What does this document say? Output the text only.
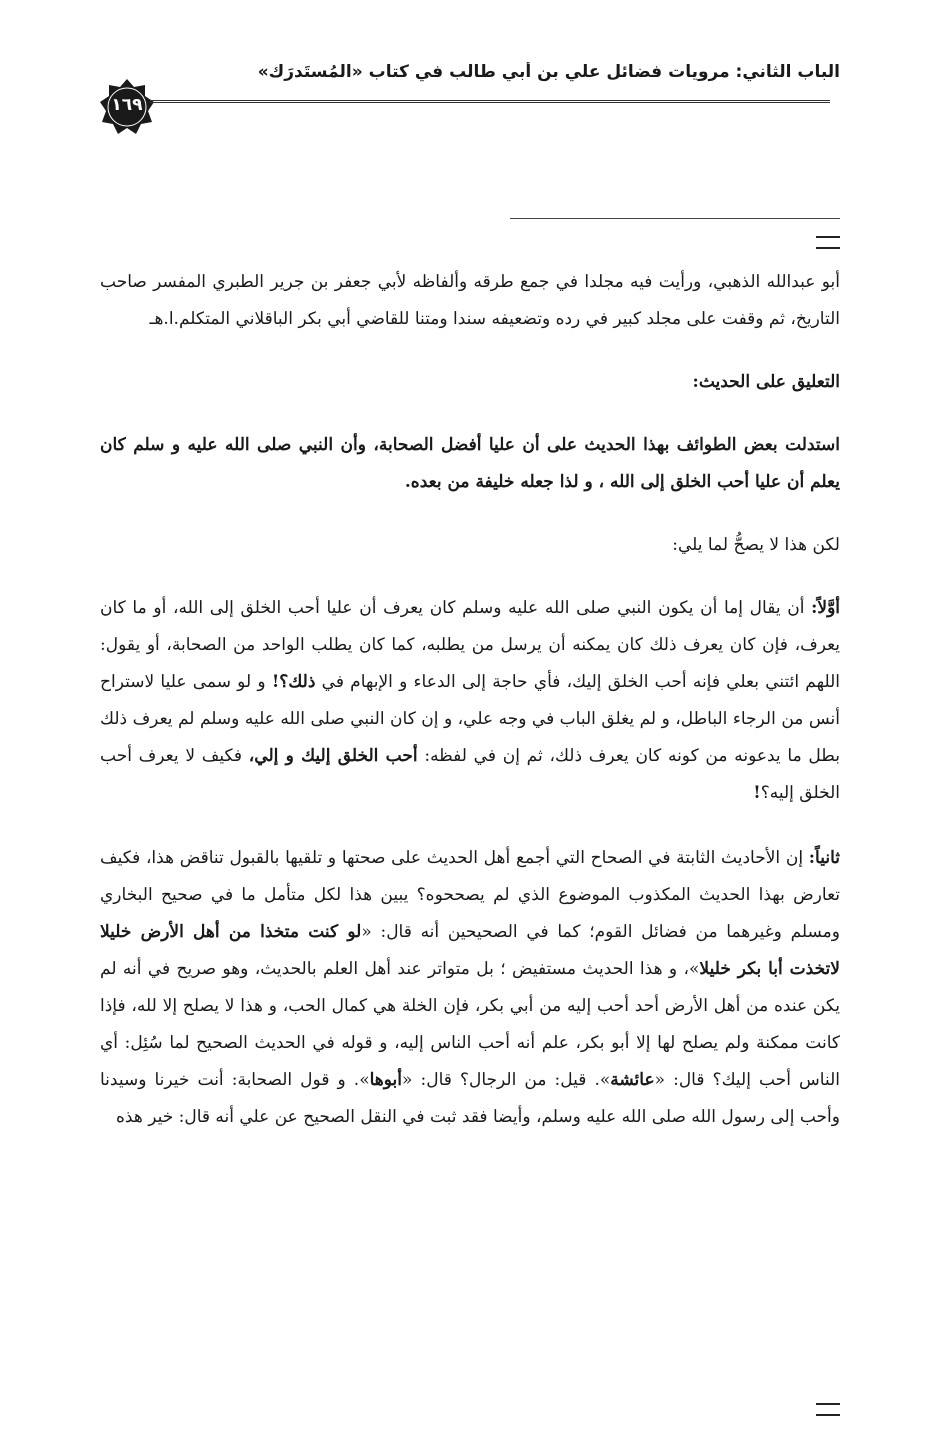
الباب الثاني: مرويات فضائل علي بن أبي طالب في كتاب «المُستَدرَك»
١٦٩

أبو عبدالله الذهبي، ورأيت فيه مجلدا في جمع طرقه وألفاظه لأبي جعفر بن جرير الطبري المفسر صاحب التاريخ، ثم وقفت على مجلد كبير في رده وتضعيفه سندا ومتنا للقاضي أبي بكر الباقلاني المتكلم.ا.هـ

التعليق على الحديث:

استدلت بعض الطوائف بهذا الحديث على أن عليا أفضل الصحابة، وأن النبي صلى الله عليه و سلم كان يعلم أن عليا أحب الخلق إلى الله ، و لذا جعله خليفة من بعده.

لكن هذا لا يصحُّ لما يلي:

أوَّلاً: أن يقال إما أن يكون النبي صلى الله عليه وسلم كان يعرف أن عليا أحب الخلق إلى الله، أو ما كان يعرف، فإن كان يعرف ذلك كان يمكنه أن يرسل من يطلبه، كما كان يطلب الواحد من الصحابة، أو يقول: اللهم ائتني بعلي فإنه أحب الخلق إليك، فأي حاجة إلى الدعاء و الإبهام في ذلك؟! و لو سمى عليا لاستراح أنس من الرجاء الباطل، و لم يغلق الباب في وجه علي، و إن كان النبي صلى الله عليه وسلم لم يعرف ذلك بطل ما يدعونه من كونه كان يعرف ذلك، ثم إن في لفظه: أحب الخلق إليك و إلي، فكيف لا يعرف أحب الخلق إليه؟!

ثانياً: إن الأحاديث الثابتة في الصحاح التي أجمع أهل الحديث على صحتها و تلقيها بالقبول تناقض هذا، فكيف تعارض بهذا الحديث المكذوب الموضوع الذي لم يصححوه؟ يبين هذا لكل متأمل ما في صحيح البخاري ومسلم وغيرهما من فضائل القوم؛ كما في الصحيحين أنه قال: «لو كنت متخذا من أهل الأرض خليلا لاتخذت أبا بكر خليلا»، و هذا الحديث مستفيض ؛ بل متواتر عند أهل العلم بالحديث، وهو صريح في أنه لم يكن عنده من أهل الأرض أحد أحب إليه من أبي بكر، فإن الخلة هي كمال الحب، و هذا لا يصلح إلا لله، فإذا كانت ممكنة ولم يصلح لها إلا أبو بكر، علم أنه أحب الناس إليه، و قوله في الحديث الصحيح لما سُئِل: أي الناس أحب إليك؟ قال: «عائشة». قيل: من الرجال؟ قال: «أبوها». و قول الصحابة: أنت خيرنا وسيدنا وأحب إلى رسول الله صلى الله عليه وسلم، وأيضا فقد ثبت في النقل الصحيح عن علي أنه قال: خير هذه
